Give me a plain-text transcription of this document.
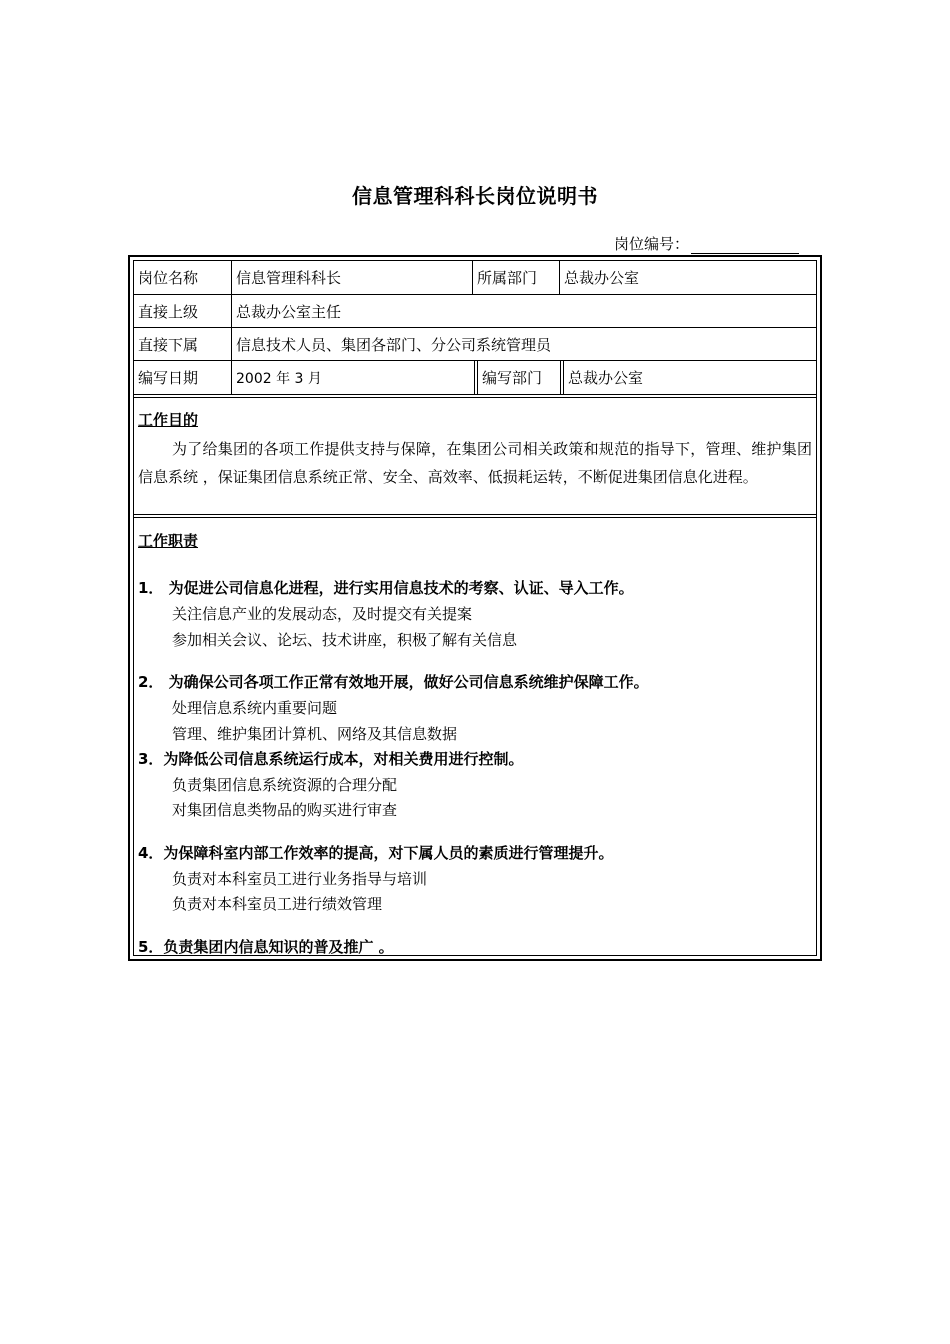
信息管理科科长岗位说明书
岗位编号：
岗位名称	信息管理科科长	所属部门	总裁办公室
直接上级	总裁办公室主任
直接下属	信息技术人员、集团各部门、分公司系统管理员
编写日期	2002 年 3 月	编写部门	总裁办公室
工作目的
为了给集团的各项工作提供支持与保障，在集团公司相关政策和规范的指导下，管理、维护集团信息系统 ，保证集团信息系统正常、安全、高效率、低损耗运转，不断促进集团信息化进程。
工作职责
1． 为促进公司信息化进程，进行实用信息技术的考察、认证、导入工作。
关注信息产业的发展动态，及时提交有关提案
参加相关会议、论坛、技术讲座，积极了解有关信息
2． 为确保公司各项工作正常有效地开展，做好公司信息系统维护保障工作。
处理信息系统内重要问题
管理、维护集团计算机、网络及其信息数据
3．为降低公司信息系统运行成本，对相关费用进行控制。
负责集团信息系统资源的合理分配
对集团信息类物品的购买进行审查
4．为保障科室内部工作效率的提高，对下属人员的素质进行管理提升。
负责对本科室员工进行业务指导与培训
负责对本科室员工进行绩效管理
5．负责集团内信息知识的普及推广 。
